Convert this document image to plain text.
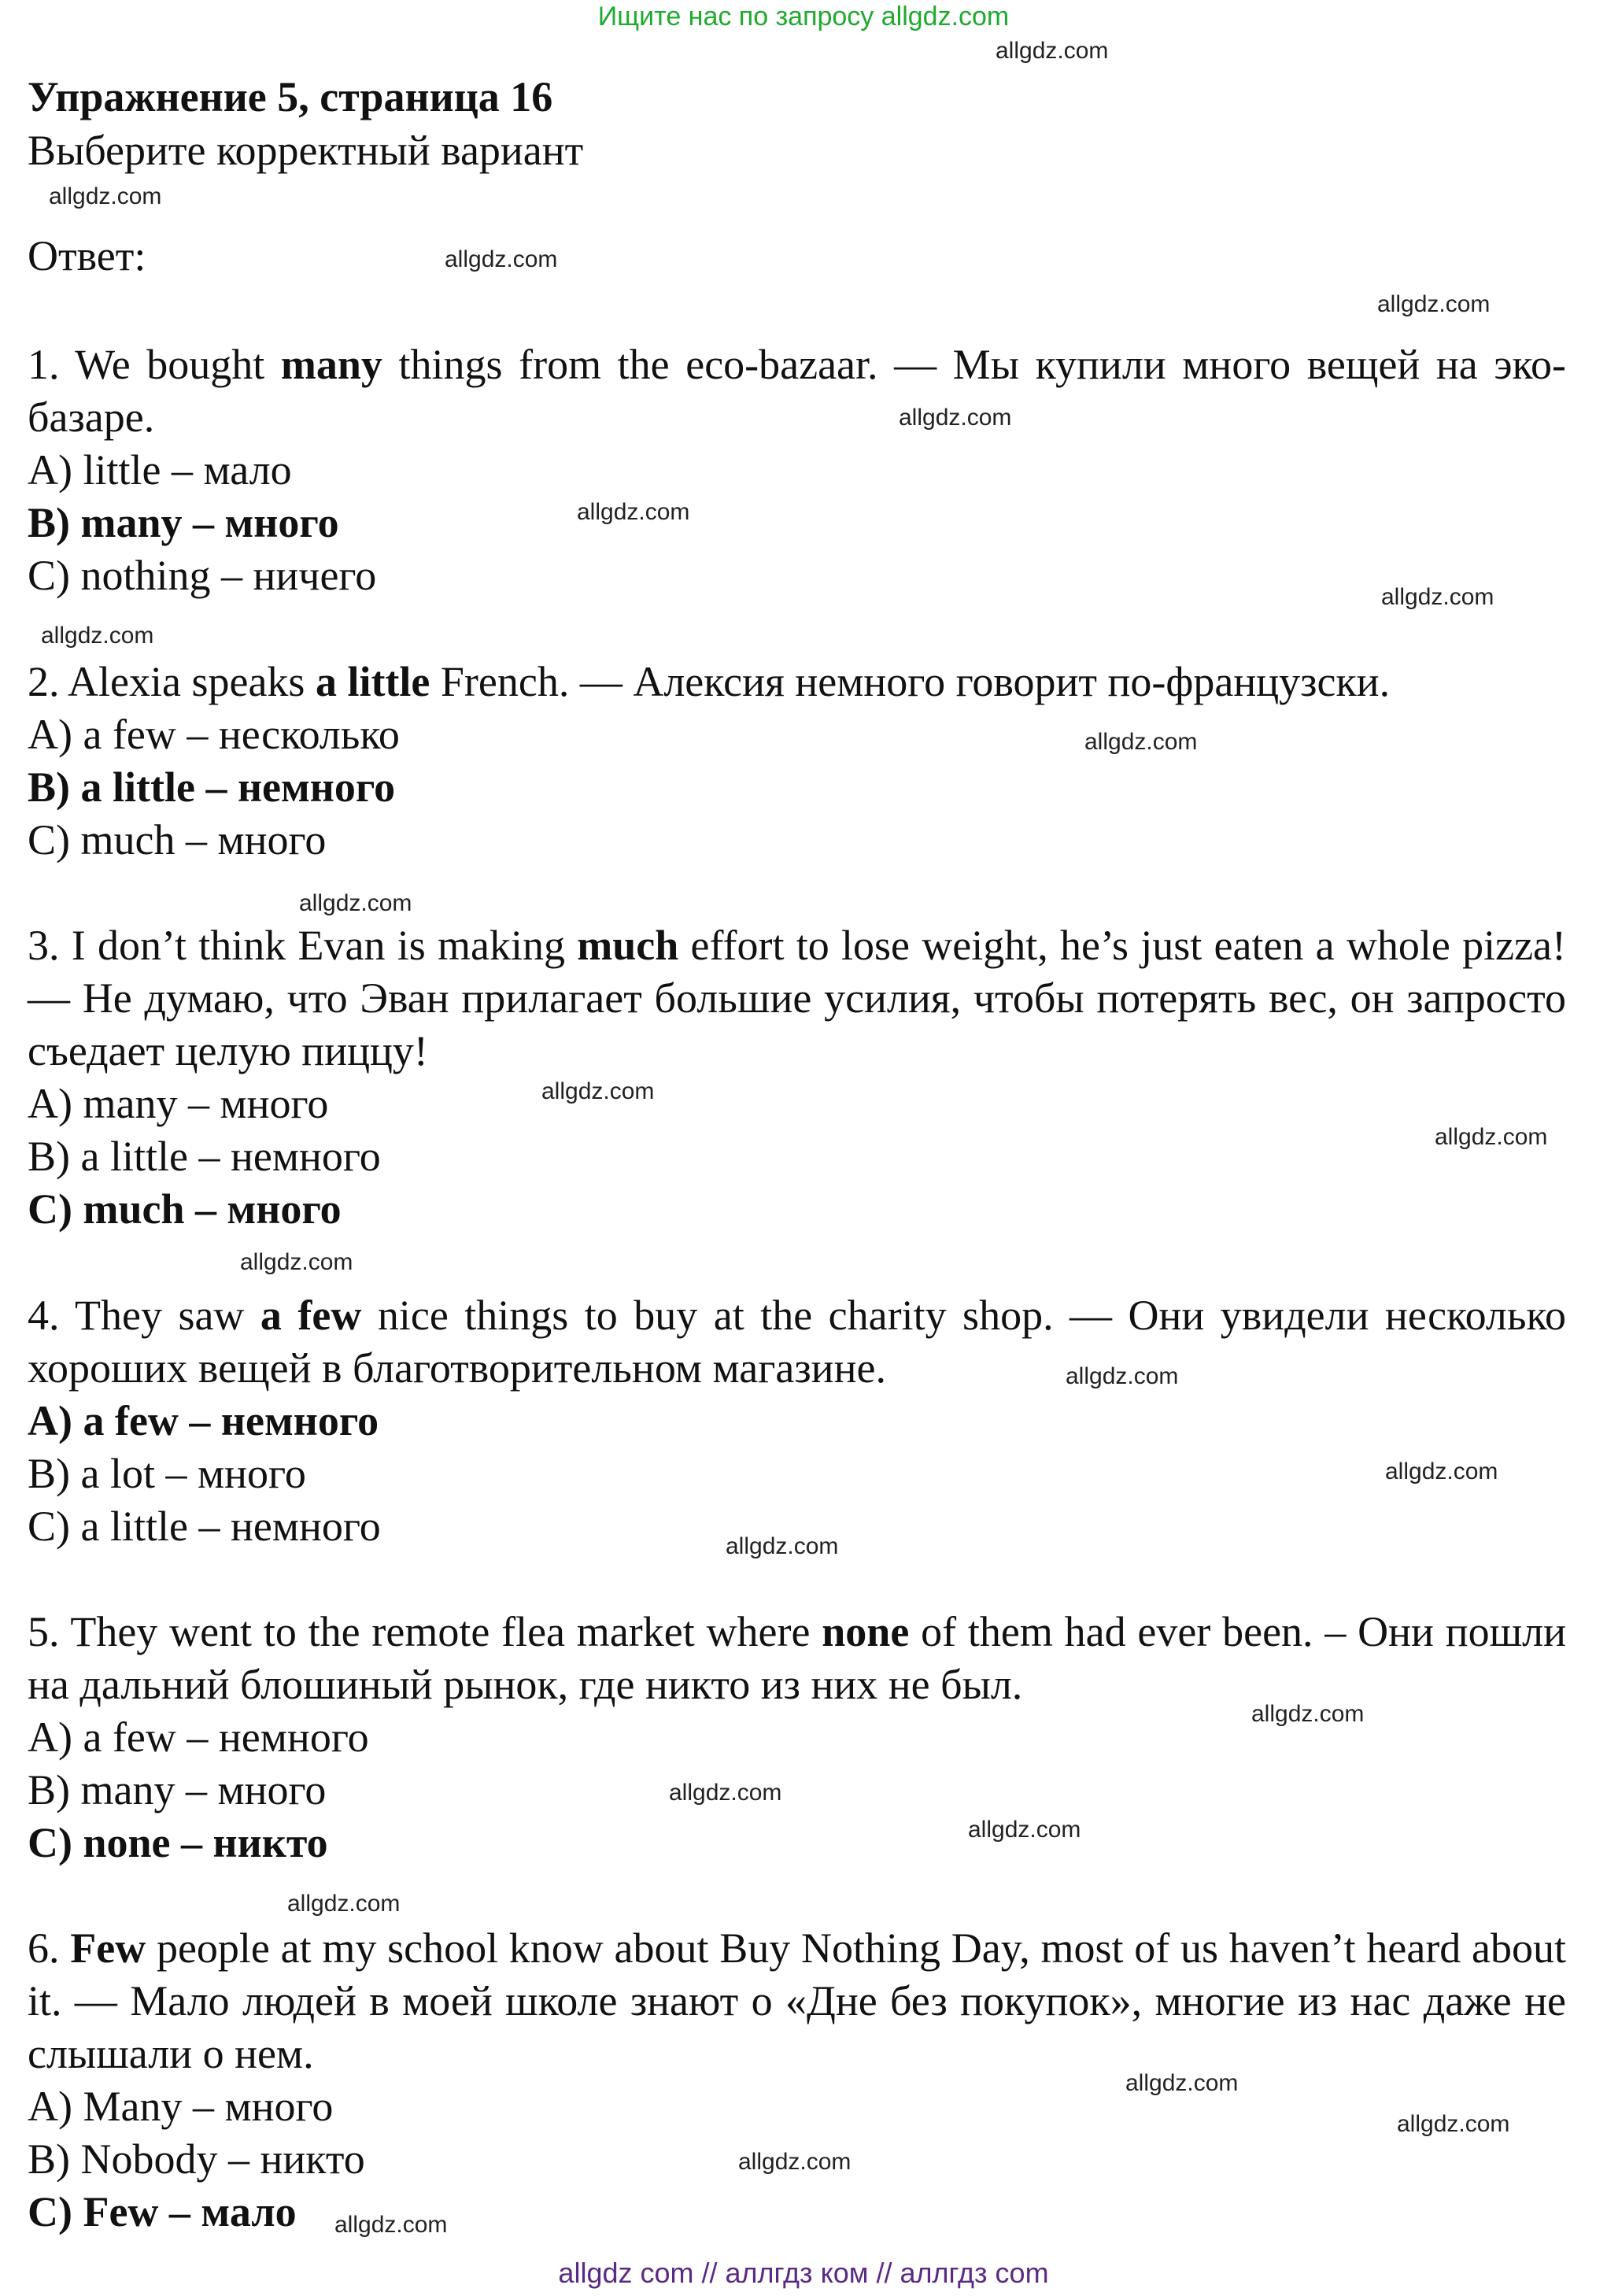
Ищите нас по запросу allgdz.com
Упражнение 5, страница 16
Выберите корректный вариант
Ответ:
1. We bought many things from the eco-bazaar. — Мы купили много вещей на эко-базаре.
A) little – мало
B) many – много
C) nothing – ничего
2. Alexia speaks a little French. — Алексия немного говорит по-французски.
A) a few – несколько
B) a little – немного
C) much – много
3. I don’t think Evan is making much effort to lose weight, he’s just eaten a whole pizza! — Не думаю, что Эван прилагает большие усилия, чтобы потерять вес, он запросто съедает целую пиццу!
A) many – много
B) a little – немного
C) much – много
4. They saw a few nice things to buy at the charity shop. — Они увидели несколько хороших вещей в благотворительном магазине.
A) a few – немного
B) a lot – много
C) a little – немного
5. They went to the remote flea market where none of them had ever been. – Они пошли на дальний блошиный рынок, где никто из них не был.
A) a few – немного
B) many – много
C) none – никто
6. Few people at my school know about Buy Nothing Day, most of us haven’t heard about it. — Мало людей в моей школе знают о «Дне без покупок», многие из нас даже не слышали о нем.
A) Many – много
B) Nobody – никто
C) Few – мало
allgdz.com
allgdz.com
allgdz.com
allgdz.com
allgdz.com
allgdz.com
allgdz.com
allgdz.com
allgdz.com
allgdz.com
allgdz.com
allgdz.com
allgdz.com
allgdz.com
allgdz.com
allgdz.com
allgdz.com
allgdz.com
allgdz.com
allgdz.com
allgdz.com
allgdz.com
allgdz.com
allgdz.com
allgdz com // аллгдз ком // аллгдз com
